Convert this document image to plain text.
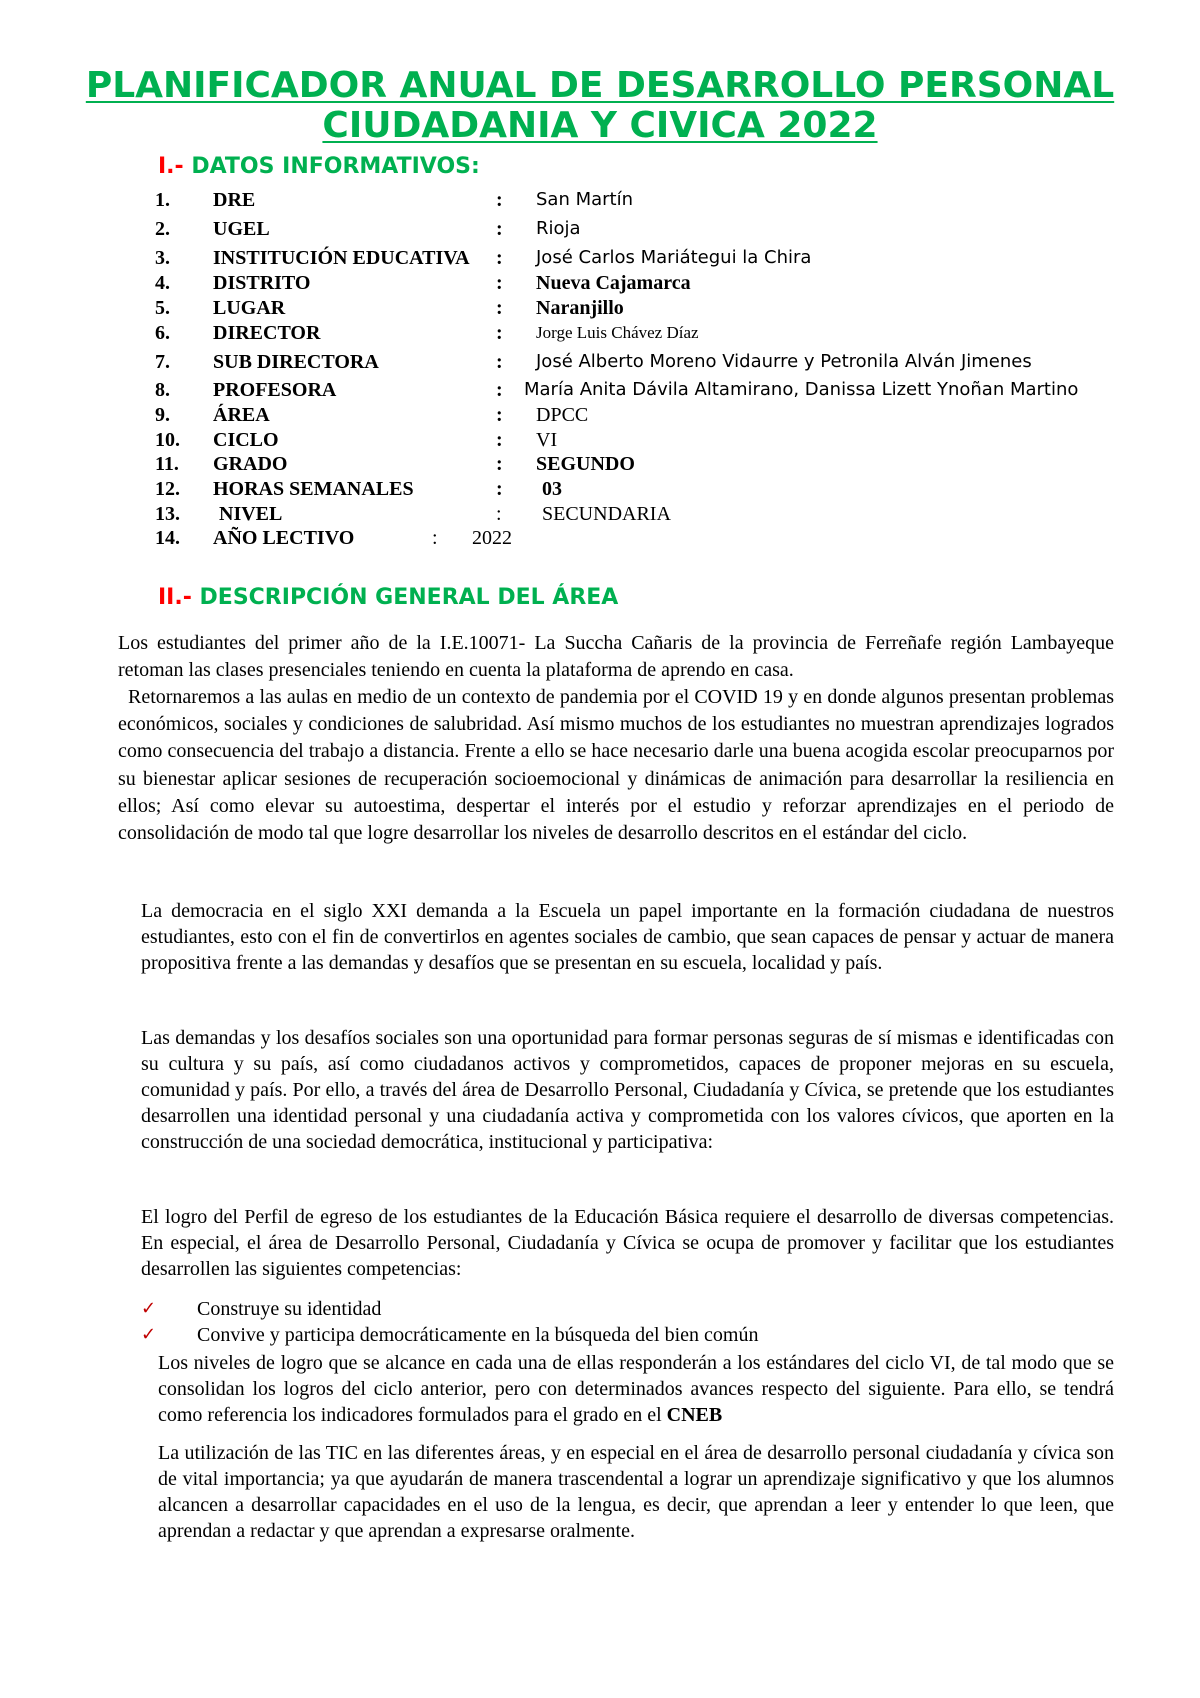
PLANIFICADOR ANUAL DE DESARROLLO PERSONAL
CIUDADANIA Y CIVICA 2022
I.- DATOS INFORMATIVOS:
1. DRE	: San Martín
2. UGEL	: Rioja
3. INSTITUCIÓN EDUCATIVA : José Carlos Mariátegui la Chira
4. DISTRITO	: Nueva Cajamarca
5. LUGAR	: Naranjillo
6. DIRECTOR	: Jorge Luis Chávez Díaz
7. SUB DIRECTORA	: José Alberto Moreno Vidaurre y Petronila Alván Jimenes
8. PROFESORA	: María Anita Dávila Altamirano, Danissa Lizett Ynoñan Martino
9. ÁREA	: DPCC
10. CICLO	: VI
11. GRADO	: SEGUNDO
12. HORAS SEMANALES	: 03
13. NIVEL	: SECUNDARIA
14. AÑO LECTIVO	: 2022
II.- DESCRIPCIÓN GENERAL DEL ÁREA

Los estudiantes del primer año de la I.E.10071- La Succha Cañaris de la provincia de Ferreñafe región Lambayeque retoman las clases presenciales teniendo en cuenta la plataforma de aprendo en casa.

Retornaremos a las aulas en medio de un contexto de pandemia por el COVID 19 y en donde algunos presentan problemas económicos, sociales y condiciones de salubridad. Así mismo muchos de los estudiantes no muestran aprendizajes logrados como consecuencia del trabajo a distancia. Frente a ello se hace necesario darle una buena acogida escolar preocuparnos por su bienestar aplicar sesiones de recuperación socioemocional y dinámicas de animación para desarrollar la resiliencia en ellos; Así como elevar su autoestima, despertar el interés por el estudio y reforzar aprendizajes en el periodo de consolidación de modo tal que logre desarrollar los niveles de desarrollo descritos en el estándar del ciclo.

La democracia en el siglo XXI demanda a la Escuela un papel importante en la formación ciudadana de nuestros estudiantes, esto con el fin de convertirlos en agentes sociales de cambio, que sean capaces de pensar y actuar de manera propositiva frente a las demandas y desafíos que se presentan en su escuela, localidad y país.

Las demandas y los desafíos sociales son una oportunidad para formar personas seguras de sí mismas e identificadas con su cultura y su país, así como ciudadanos activos y comprometidos, capaces de proponer mejoras en su escuela, comunidad y país. Por ello, a través del área de Desarrollo Personal, Ciudadanía y Cívica, se pretende que los estudiantes desarrollen una identidad personal y una ciudadanía activa y comprometida con los valores cívicos, que aporten en la construcción de una sociedad democrática, institucional y participativa:

El logro del Perfil de egreso de los estudiantes de la Educación Básica requiere el desarrollo de diversas competencias. En especial, el área de Desarrollo Personal, Ciudadanía y Cívica se ocupa de promover y facilitar que los estudiantes desarrollen las siguientes competencias:

✓ Construye su identidad
✓ Convive y participa democráticamente en la búsqueda del bien común

Los niveles de logro que se alcance en cada una de ellas responderán a los estándares del ciclo VI, de tal modo que se consolidan los logros del ciclo anterior, pero con determinados avances respecto del siguiente. Para ello, se tendrá como referencia los indicadores formulados para el grado en el CNEB

La utilización de las TIC en las diferentes áreas, y en especial en el área de desarrollo personal ciudadanía y cívica son de vital importancia; ya que ayudarán de manera trascendental a lograr un aprendizaje significativo y que los alumnos alcancen a desarrollar capacidades en el uso de la lengua, es decir, que aprendan a leer y entender lo que leen, que aprendan a redactar y que aprendan a expresarse oralmente.
